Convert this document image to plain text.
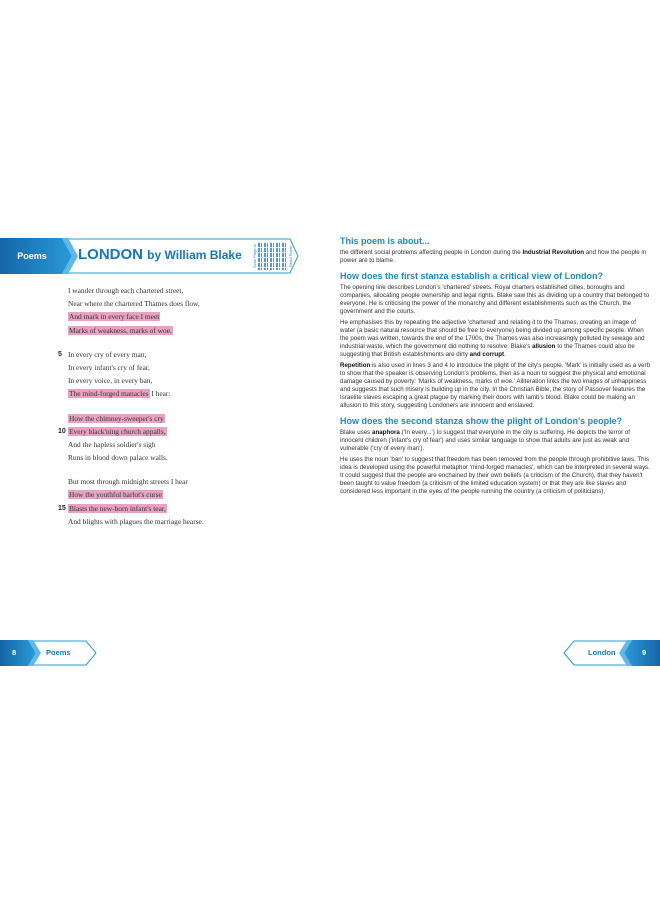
Poems	LONDON by William Blake	Scan Page to	Read Poem
I wander through each chartered street,
Near where the chartered Thames does flow,
And mark in every face I meet
Marks of weakness, marks of woe.
5 In every cry of every man,
In every infant's cry of fear,
In every voice, in every ban,
The mind-forged manacles I hear:
How the chimney-sweeper's cry
10 Every black'ning church appalls,
And the hapless soldier's sigh
Runs in blood down palace walls.
But most through midnight streets I hear
How the youthful harlot's curse
15 Blasts the new-born infant's tear,
And blights with plagues the marriage hearse.
This poem is about...

the different social problems affecting people in London during the Industrial Revolution and how the people in power are to blame.

How does the first stanza establish a critical view of London?

The opening line describes London's 'chartered' streets. Royal charters established cities, boroughs and companies, allocating people ownership and legal rights. Blake saw this as dividing up a country that belonged to everyone. He is criticising the power of the monarchy and different establishments such as the Church, the government and the courts.

He emphasises this by repeating the adjective 'chartered' and relating it to the Thames, creating an image of water (a basic natural resource that should be free to everyone) being divided up among specific people. When the poem was written, towards the end of the 1700s, the Thames was also increasingly polluted by sewage and industrial waste, which the government did nothing to resolve; Blake's allusion to the Thames could also be suggesting that British establishments are dirty and corrupt.

Repetition is also used in lines 3 and 4 to introduce the plight of the city's people. 'Mark' is initially used as a verb to show that the speaker is observing London's problems, then as a noun to suggest the physical and emotional damage caused by poverty: 'Marks of weakness, marks of woe.' Alliteration links the two images of unhappiness and suggests that such misery is building up in the city. In the Christian Bible, the story of Passover features the Israelite slaves escaping a great plague by marking their doors with lamb's blood. Blake could be making an allusion to this story, suggesting Londoners are innocent and enslaved.

How does the second stanza show the plight of London's people?

Blake uses anaphora ('In every...') to suggest that everyone in the city is suffering. He depicts the terror of innocent children ('infant's cry of fear') and uses similar language to show that adults are just as weak and vulnerable ('cry of every man').

He uses the noun 'ban' to suggest that freedom has been removed from the people through prohibitive laws. This idea is developed using the powerful metaphor 'mind-forged manacles', which can be interpreted in several ways. It could suggest that the people are enchained by their own beliefs (a criticism of the Church), that they haven't been taught to value freedom (a criticism of the limited education system) or that they are like slaves and considered less important in the eyes of the people running the country (a criticism of politicians).

8	Poems	London	9
